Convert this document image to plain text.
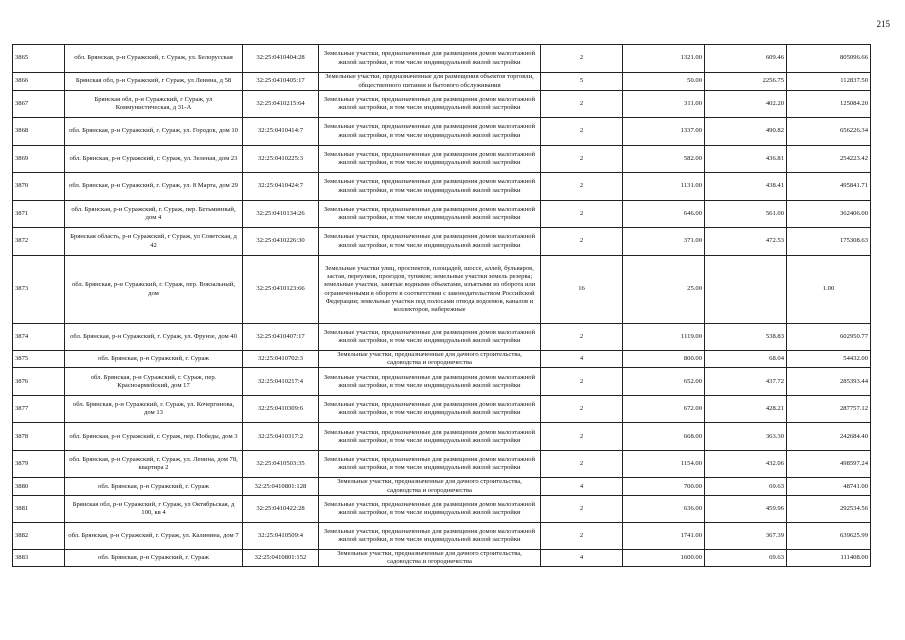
215
3865	обл. Брянская, р-н Суражский, г. Сураж, ул. Белорусская	32:25:0410404:28	Земельные участки, предназначенные для размещения домов малоэтажной жилой застройки, в том числе индивидуальной жилой застройки	2	1321.00	609.46	805096.66
3866	Брянская обл, р-н Суражский, г Сураж, ул Ленина, д 58	32:25:0410405:17	Земельные участки, предназначенные для размещения объектов торговли, общественного питания и бытового обслуживания	5	50.00	2256.75	112837.50
3867	Брянская обл, р-н Суражский, г Сураж, ул Коммунистическая, д 31-А	32:25:0410215:64	Земельные участки, предназначенные для размещения домов малоэтажной жилой застройки, в том числе индивидуальной жилой застройки	2	311.00	402.20	125084.20
3868	обл. Брянская, р-н Суражский, г. Сураж, ул. Городок, дом 10	32:25:0410414:7	Земельные участки, предназначенные для размещения домов малоэтажной жилой застройки, в том числе индивидуальной жилой застройки	2	1337.00	490.82	656226.34
3869	обл. Брянская, р-н Суражский, г. Сураж, ул. Зеленая, дом 23	32:25:0410225:3	Земельные участки, предназначенные для размещения домов малоэтажной жилой застройки, в том числе индивидуальной жилой застройки	2	582.00	436.81	254223.42
3870	обл. Брянская, р-н Суражский, г. Сураж, ул. 8 Марта, дом 29	32:25:0410424:7	Земельные участки, предназначенные для размещения домов малоэтажной жилой застройки, в том числе индивидуальной жилой застройки	2	1131.00	438.41	495841.71
3871	обл. Брянская, р-н Суражский, г. Сураж, пер. Бетьминный, дом 4	32:25:0410134:26	Земельные участки, предназначенные для размещения домов малоэтажной жилой застройки, в том числе индивидуальной жилой застройки	2	646.00	561.00	362406.00
3872	Брянская область, р-н Суражский, г Сураж, ул Советская, д 42	32:25:0410226:30	Земельные участки, предназначенные для размещения домов малоэтажной жилой застройки, в том числе индивидуальной жилой застройки	2	371.00	472.53	175308.63
3873	обл. Брянская, р-н Суражский, г. Сураж, пер. Вокзальный, дом	32:25:0410123:66	Земельные участки улиц, проспектов, площадей, шоссе, аллей, бульваров, застав, переулков, проездов, тупиков; земельные участки земель резерва; земельные участки, занятые водными объектами, изъятыми из оборота или ограниченными в обороте в соответствии с законодательством Российской Федерации; земельные участки под полосами отвода водоемов, каналов и коллекторов, набережные	16	25.00		1.00
3874	обл. Брянская, р-н Суражский, г. Сураж, ул. Фрунзе, дом 40	32:25:0410407:17	Земельные участки, предназначенные для размещения домов малоэтажной жилой застройки, в том числе индивидуальной жилой застройки	2	1119.00	538.83	602950.77
3875	обл. Брянская, р-н Суражский, г. Сураж	32:25:0410702:3	Земельные участки, предназначенные для дачного строительства, садоводства и огородничества	4	800.00	68.04	54432.00
3876	обл. Брянская, р-н Суражский, г. Сураж, пер. Красноармейский, дом 17	32:25:0410217:4	Земельные участки, предназначенные для размещения домов малоэтажной жилой застройки, в том числе индивидуальной жилой застройки	2	652.00	437.72	285393.44
3877	обл. Брянская, р-н Суражский, г. Сураж, ул. Кочергинова, дом 13	32:25:0410309:6	Земельные участки, предназначенные для размещения домов малоэтажной жилой застройки, в том числе индивидуальной жилой застройки	2	672.00	428.21	287757.12
3878	обл. Брянская, р-н Суражский, г. Сураж, пер. Победы, дом 3	32:25:0410317:2	Земельные участки, предназначенные для размещения домов малоэтажной жилой застройки, в том числе индивидуальной жилой застройки	2	668.00	363.30	242684.40
3879	обл. Брянская, р-н Суражский, г. Сураж, ул. Ленина, дом 78, квартира 2	32:25:0410503:35	Земельные участки, предназначенные для размещения домов малоэтажной жилой застройки, в том числе индивидуальной жилой застройки	2	1154.00	432.06	498597.24
3880	обл. Брянская, р-н Суражский, г. Сураж	32:25:0410801:128	Земельные участки, предназначенные для дачного строительства, садоводства и огородничества	4	700.00	69.63	48741.00
3881	Брянская обл, р-н Суражский, г Сураж, ул Октябрьская, д 100, кв 4	32:25:0410422:28	Земельные участки, предназначенные для размещения домов малоэтажной жилой застройки, в том числе индивидуальной жилой застройки	2	636.00	459.96	292534.56
3882	обл. Брянская, р-н Суражский, г. Сураж, ул. Калинина, дом 7	32:25:0410509:4	Земельные участки, предназначенные для размещения домов малоэтажной жилой застройки, в том числе индивидуальной жилой застройки	2	1741.00	367.39	639625.99
3883	обл. Брянская, р-н Суражский, г. Сураж	32:25:0410801:152	Земельные участки, предназначенные для дачного строительства, садоводства и огородничества	4	1600.00	69.63	111408.00
